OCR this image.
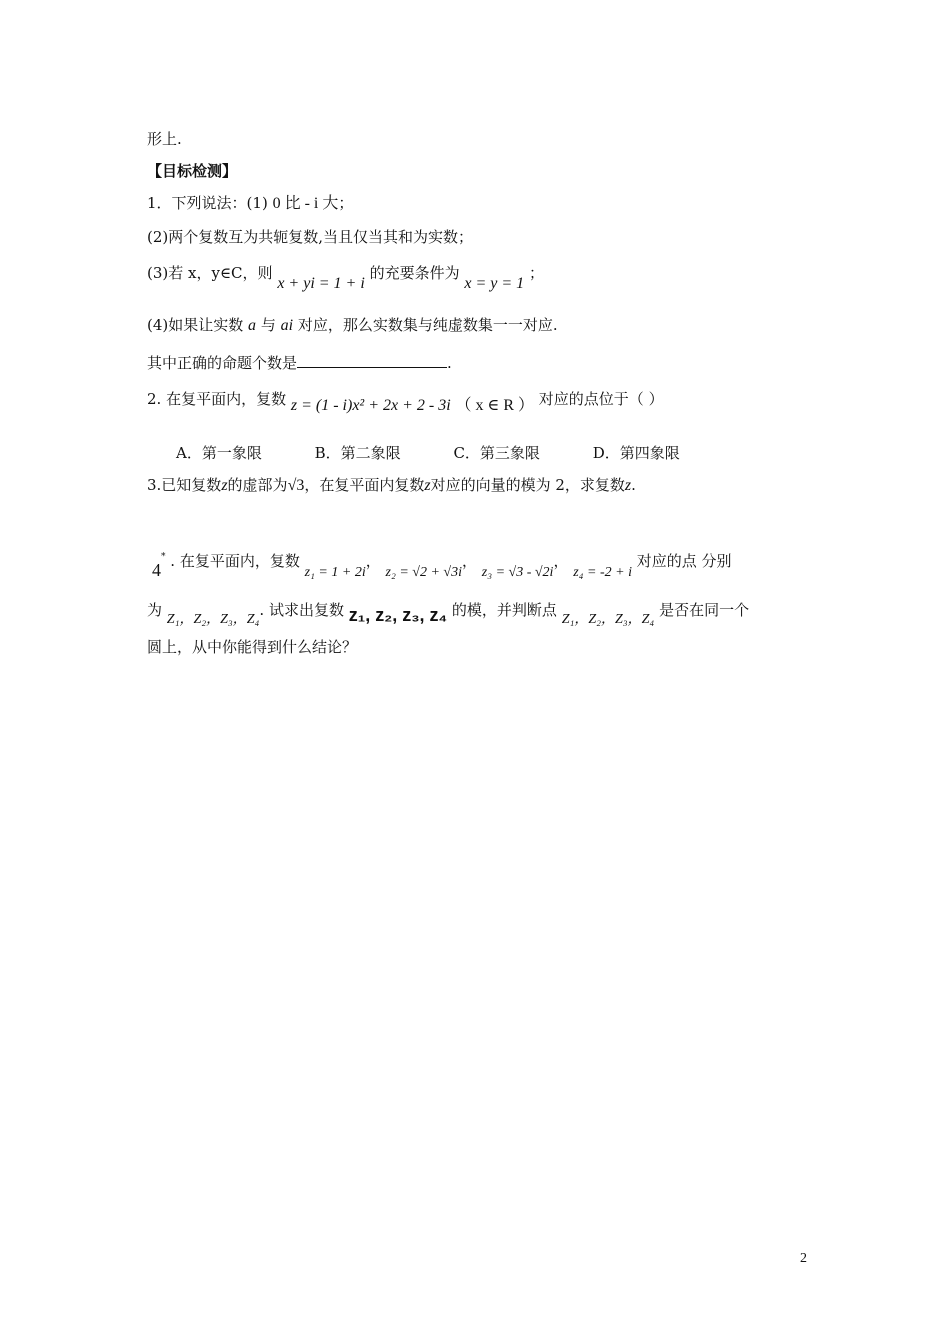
形上.
【目标检测】
1．下列说法：(1) 0 比 - i 大；
(2)两个复数互为共轭复数,当且仅当其和为实数；
(3)若 x，y∈C，则 x + yi = 1 + i 的充要条件为 x = y = 1 ；
(4)如果让实数 a 与 ai 对应，那么实数集与纯虚数集一一对应.
其中正确的命题个数是	.
2. 在复平面内，复数 z = (1 - i)x² + 2x + 2 - 3i （ x ∈ R ） 对应的点位于（ ）
A．第一象限	B．第二象限	C．第三象限	D．第四象限
3.已知复数z的虚部为√3，在复平面内复数z对应的向量的模为 2，求复数z.
4* . 在复平面内，复数 z₁ = 1 + 2i， z₂ = √2 + √3i， z₃ = √3 - √2i， z₄ = -2 + i 对应的点 分别
为 Z₁，Z₂，Z₃，Z₄. 试求出复数 z₁, z₂, z₃, z₄ 的模，并判断点 Z₁，Z₂，Z₃，Z₄ 是否在同一个
圆上，从中你能得到什么结论？
2
